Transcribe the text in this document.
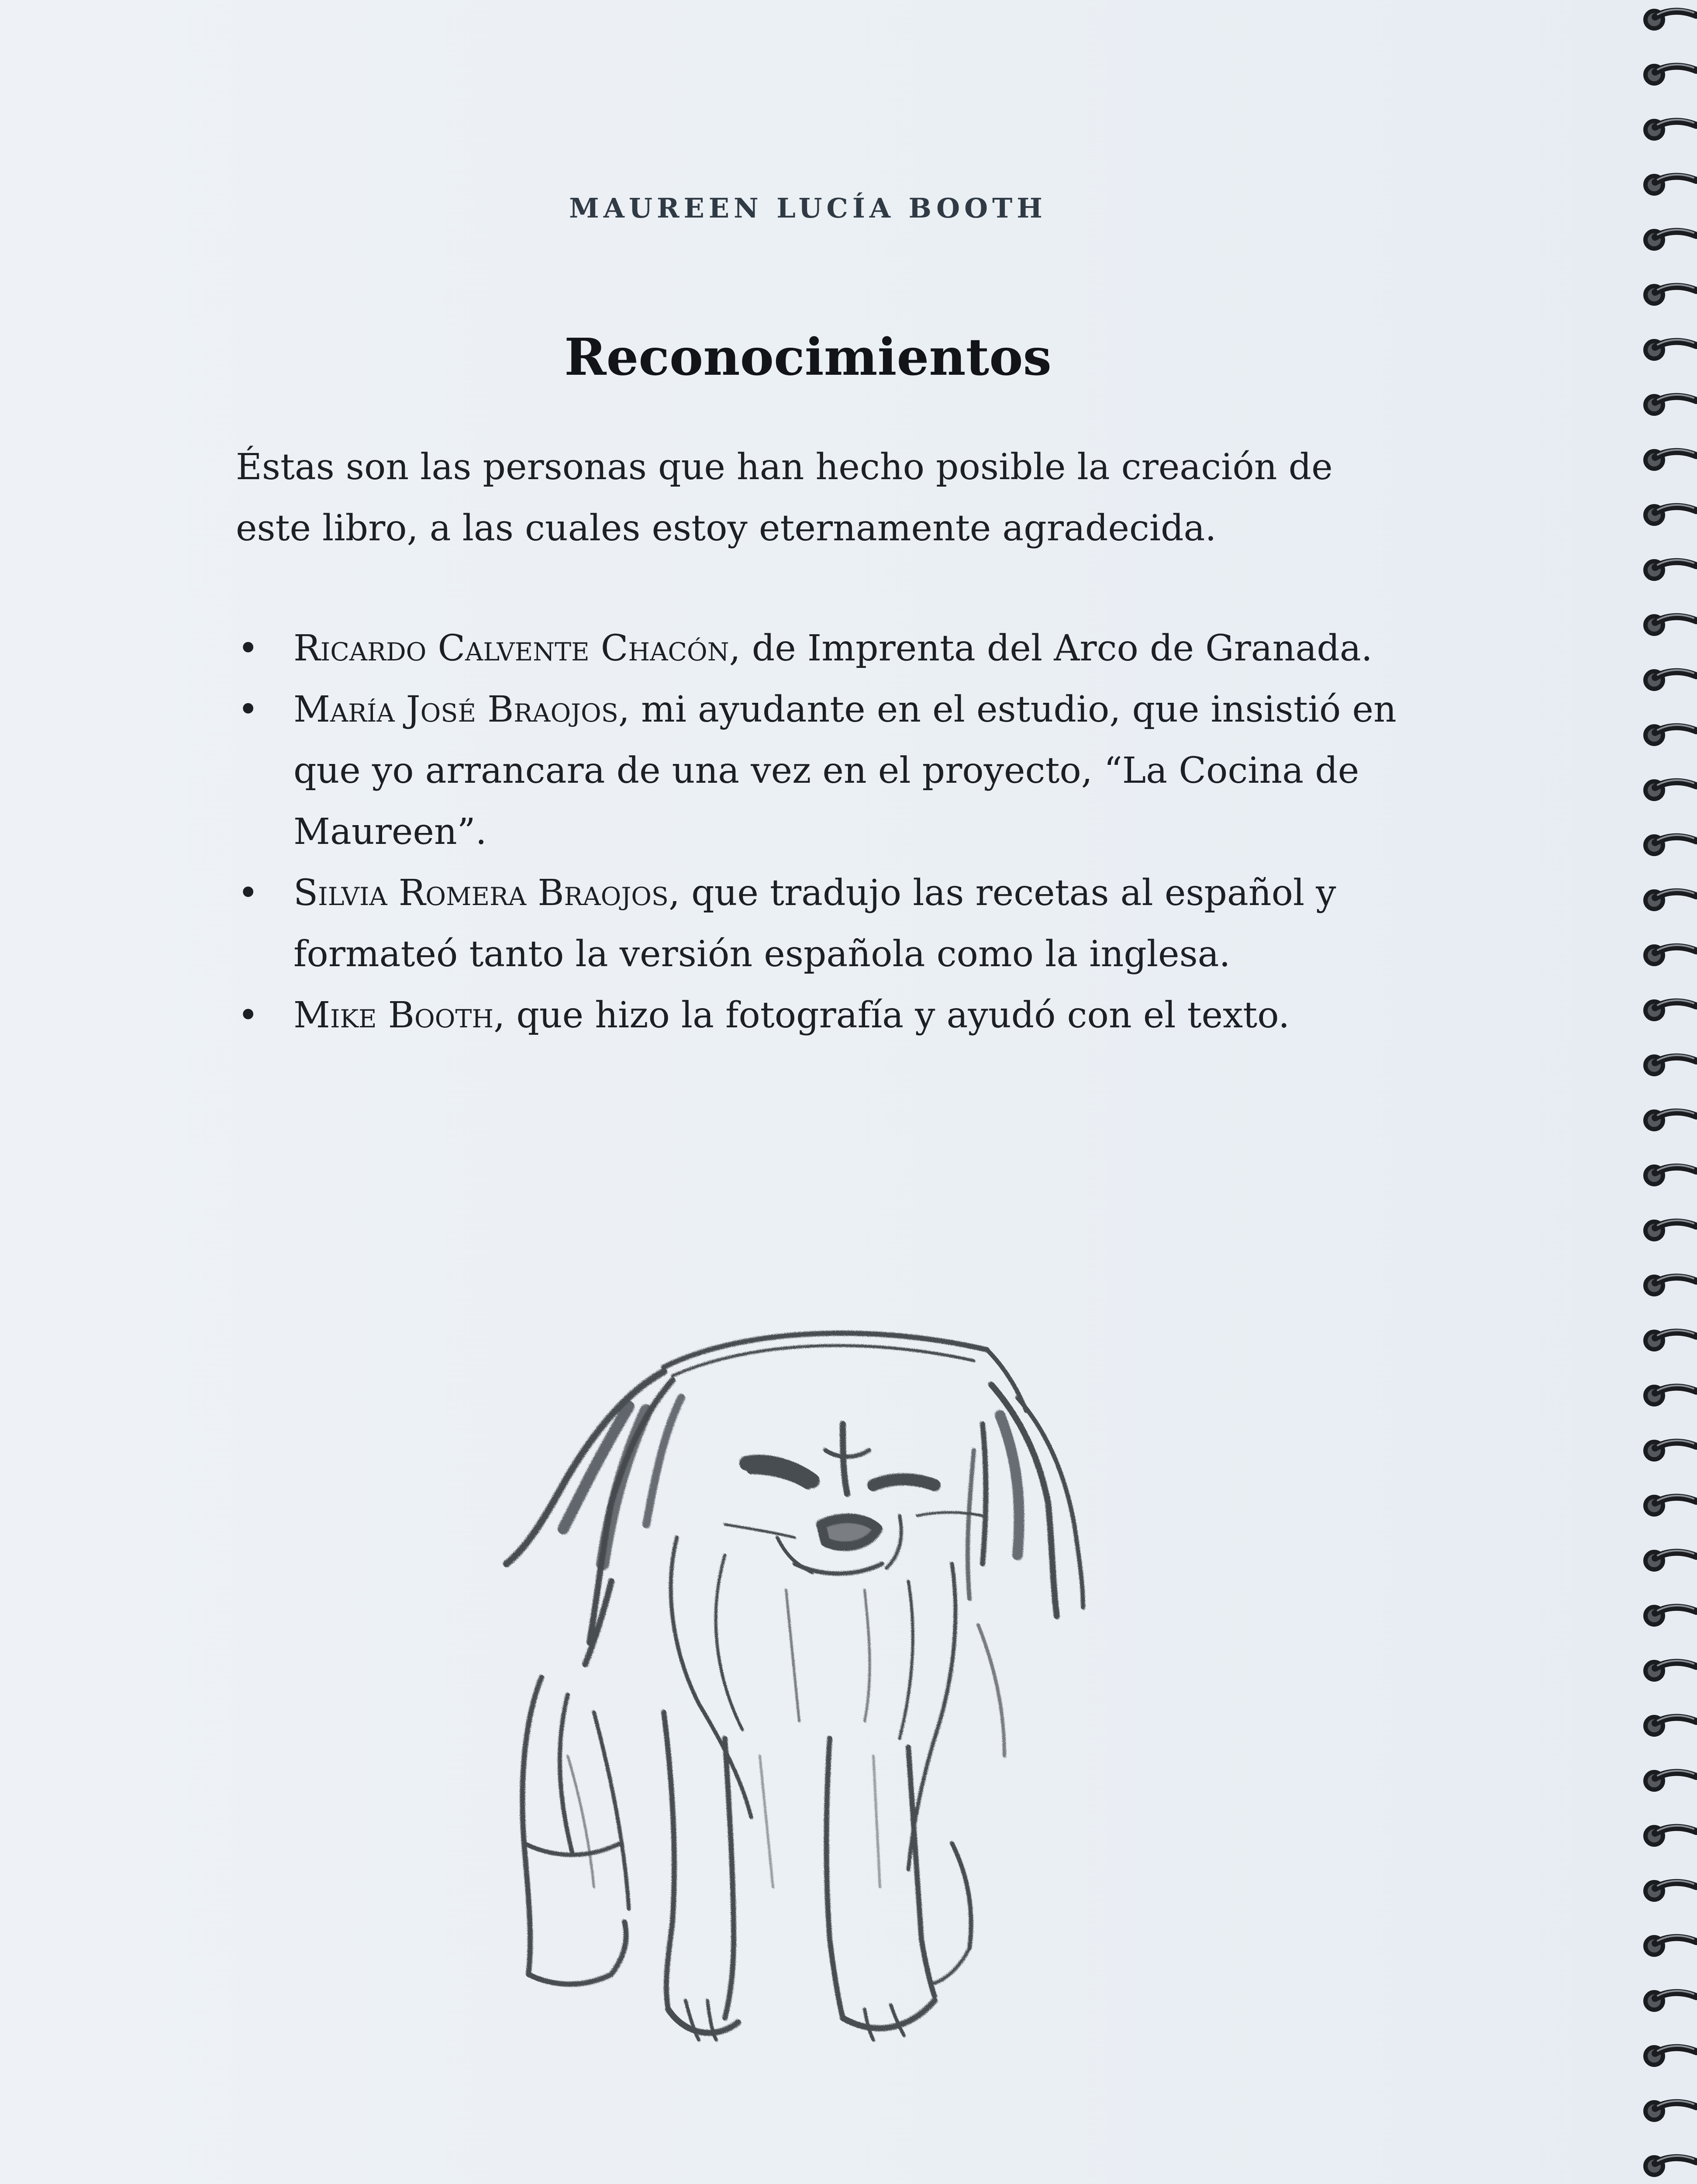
MAUREEN LUCÍA BOOTH
Reconocimientos

Éstas son las personas que han hecho posible la creación de este libro, a las cuales estoy eternamente agradecida.

• Ricardo Calvente Chacón, de Imprenta del Arco de Granada.
• María José Braojos, mi ayudante en el estudio, que insistió en que yo arrancara de una vez en el proyecto, “La Cocina de Maureen”.
• Silvia Romera Braojos, que tradujo las recetas al español y formateó tanto la versión española como la inglesa.
• Mike Booth, que hizo la fotografía y ayudó con el texto.
